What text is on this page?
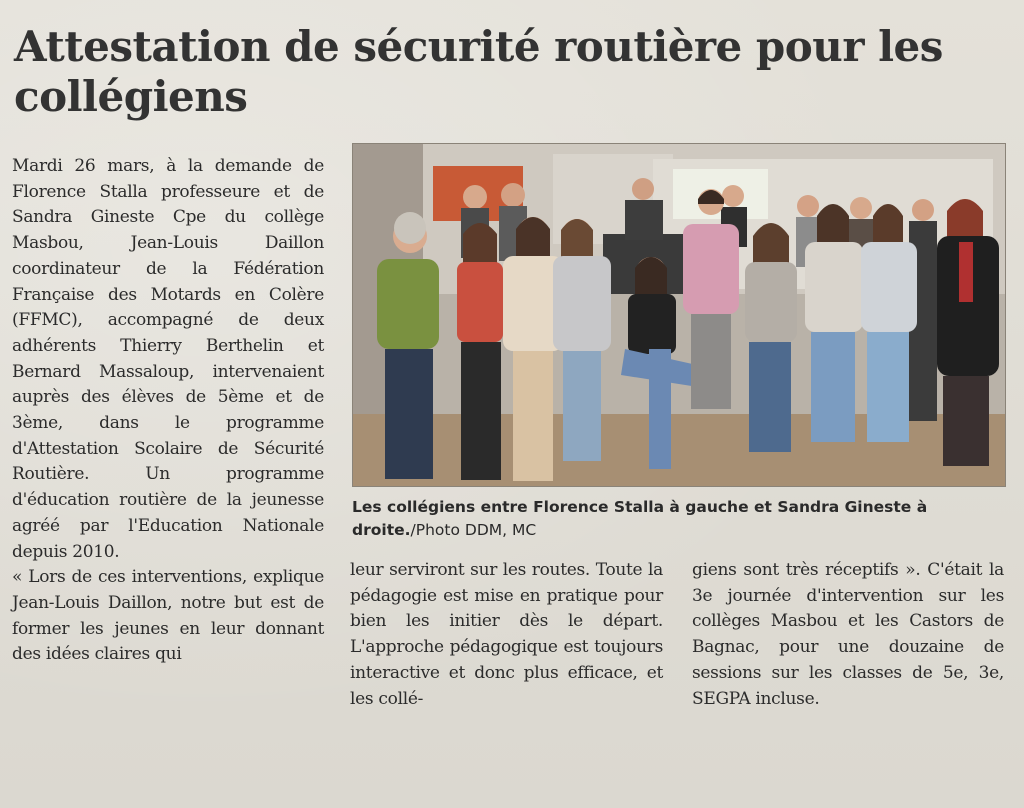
Attestation de sécurité routière pour les collégiens

Mardi 26 mars, à la demande de Florence Stalla professeure et de Sandra Gineste Cpe du collège Masbou, Jean-Louis Daillon coordinateur de la Fédération Française des Motards en Colère (FFMC), accompagné de deux adhérents Thierry Berthelin et Bernard Massaloup, intervenaient auprès des élèves de 5ème et de 3ème, dans le programme d'Attestation Scolaire de Sécurité Routière. Un programme d'éducation routière de la jeunesse agréé par l'Education Nationale depuis 2010.

« Lors de ces interventions, explique Jean-Louis Daillon, notre but est de former les jeunes en leur donnant des idées claires qui

Les collégiens entre Florence Stalla à gauche et Sandra Gineste à droite./Photo DDM, MC

leur serviront sur les routes. Toute la pédagogie est mise en pratique pour bien les initier dès le départ. L'approche pédagogique est toujours interactive et donc plus efficace, et les collé-

giens sont très réceptifs ». C'était la 3e journée d'intervention sur les collèges Masbou et les Castors de Bagnac, pour une douzaine de sessions sur les classes de 5e, 3e, SEGPA incluse.
